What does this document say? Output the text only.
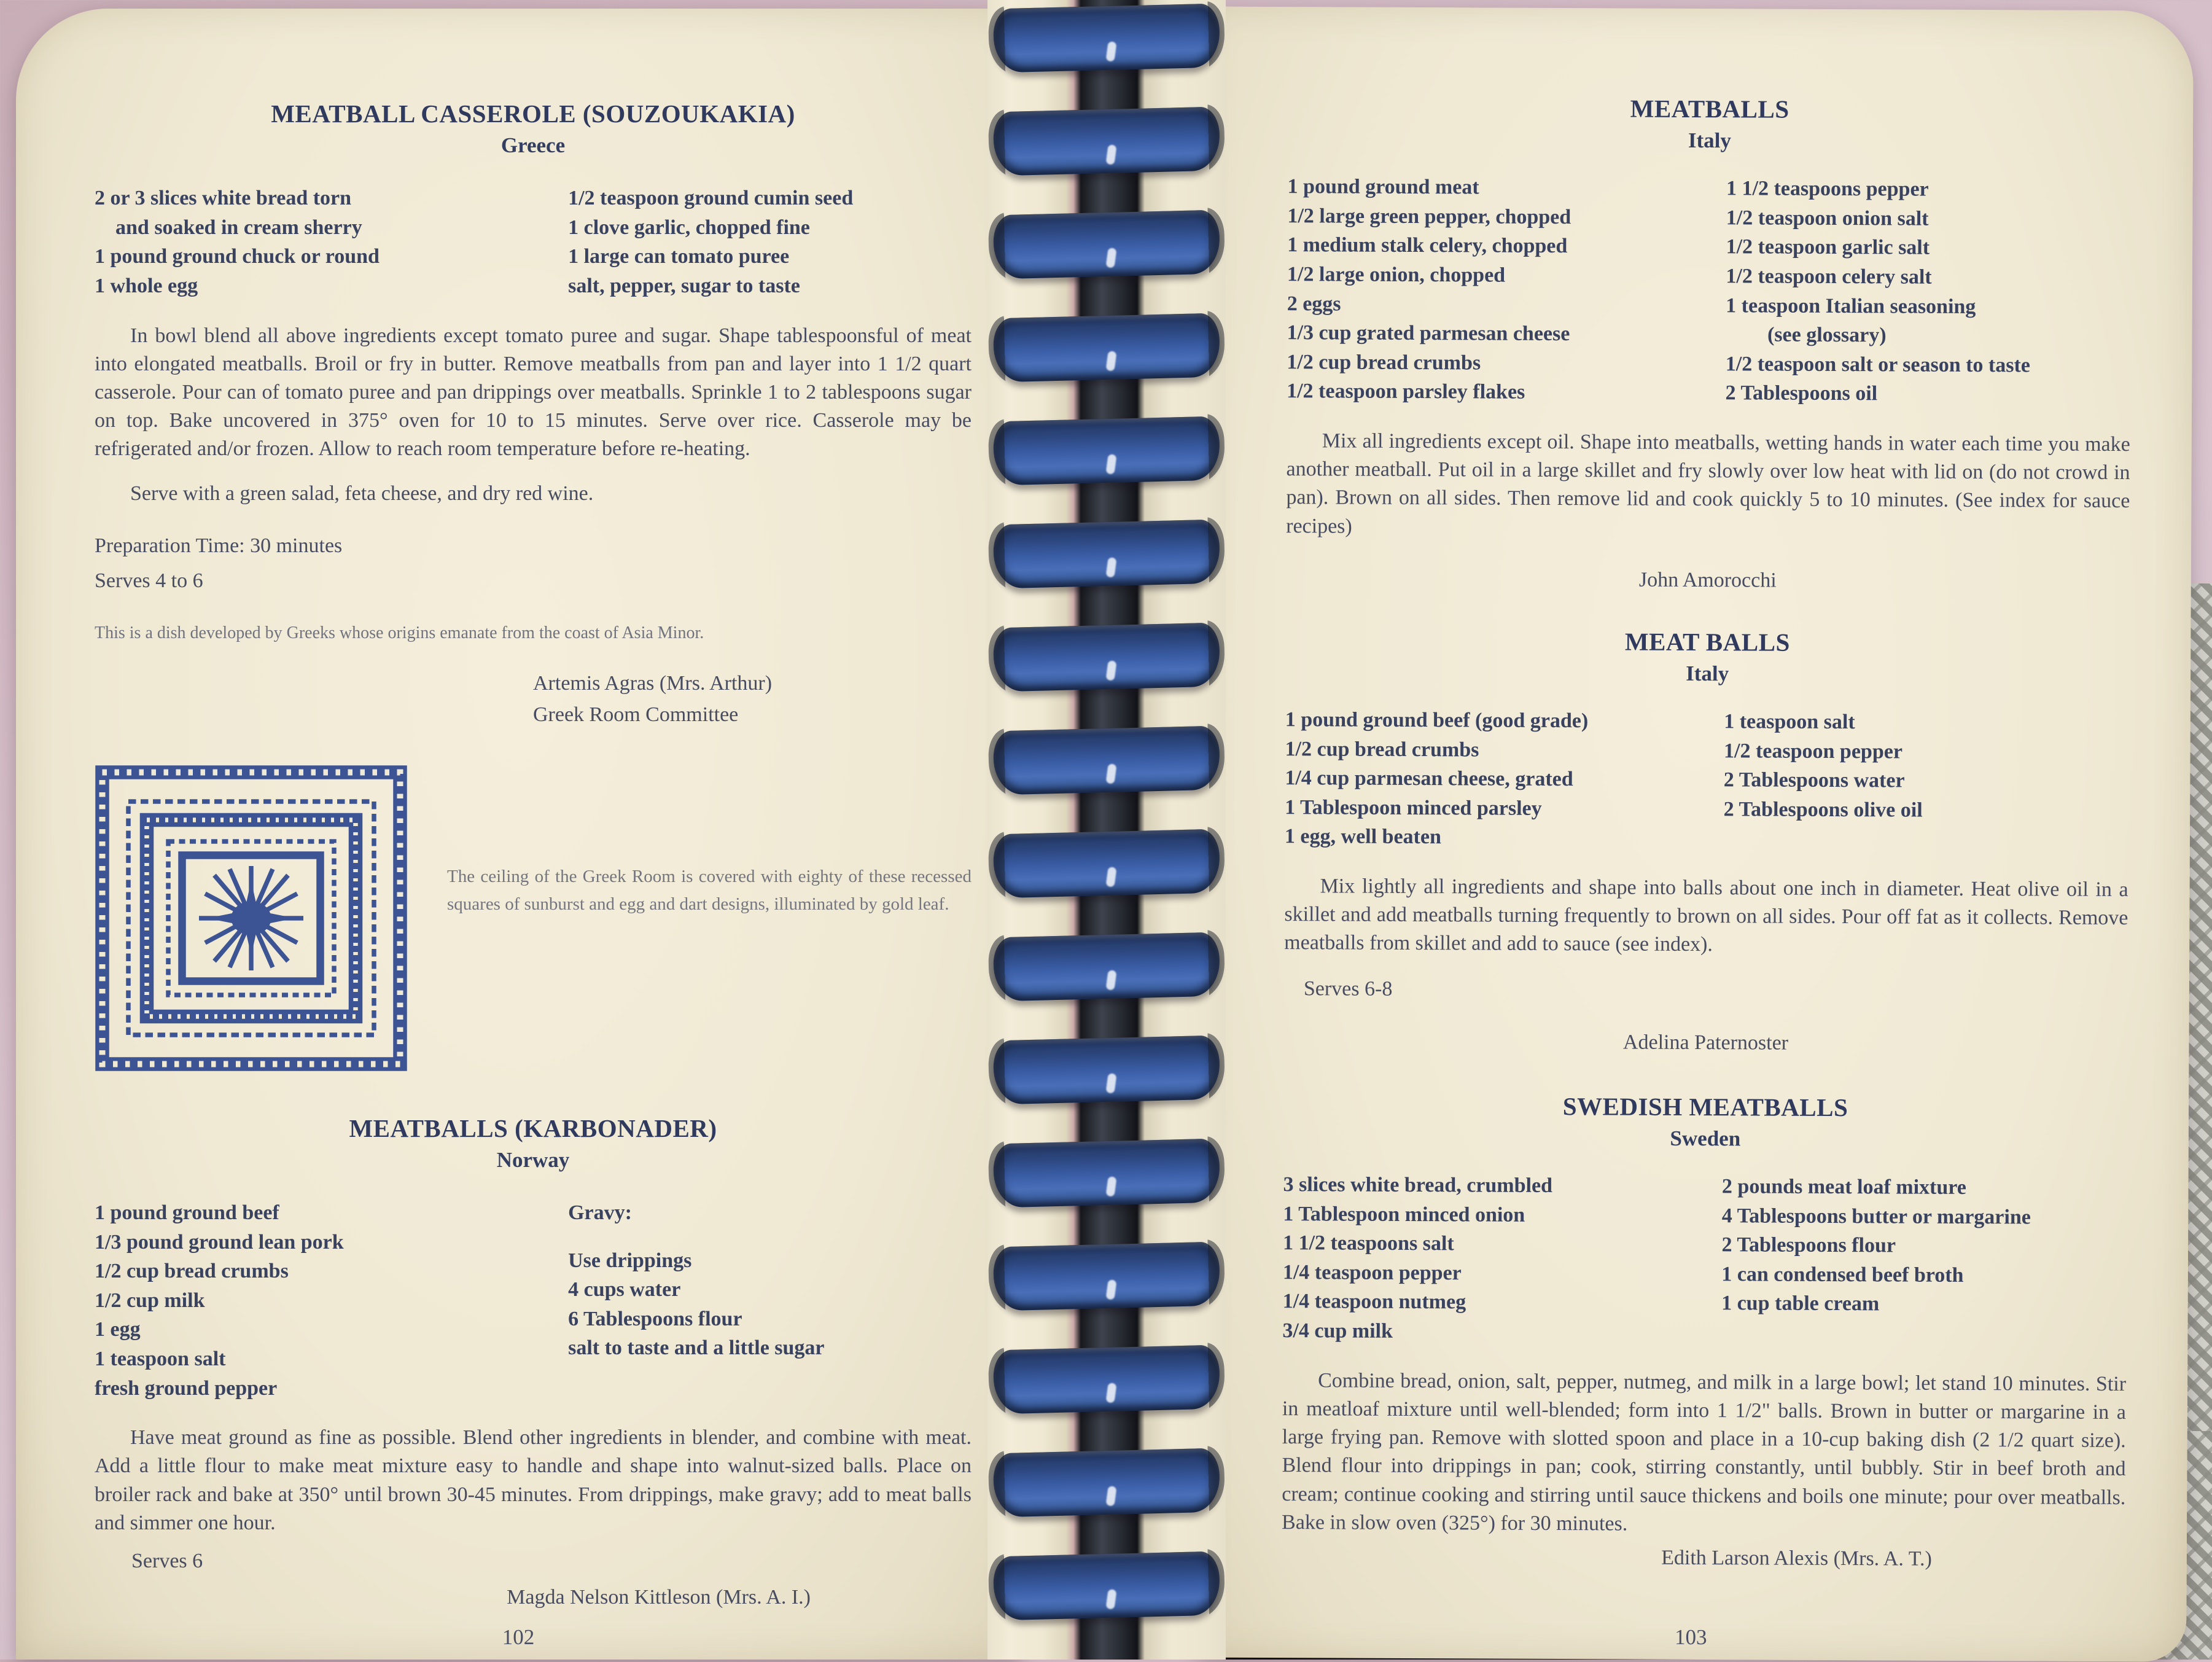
MEATBALL CASSEROLE (SOUZOUKAKIA)
Greece
2 or 3 slices white bread torn
 and soaked in cream sherry
1 pound ground chuck or round
1 whole egg
1/2 teaspoon ground cumin seed
1 clove garlic, chopped fine
1 large can tomato puree
salt, pepper, sugar to taste
In bowl blend all above ingredients except tomato puree and sugar. Shape tablespoonsful of meat into elongated meatballs. Broil or fry in butter. Remove meatballs from pan and layer into 1 1/2 quart casserole. Pour can of tomato puree and pan drippings over meatballs. Sprinkle 1 to 2 tablespoons sugar on top. Bake uncovered in 375° oven for 10 to 15 minutes. Serve over rice. Casserole may be refrigerated and/or frozen. Allow to reach room temperature before re-heating.
Serve with a green salad, feta cheese, and dry red wine.
Preparation Time: 30 minutes
Serves 4 to 6
This is a dish developed by Greeks whose origins emanate from the coast of Asia Minor.
Artemis Agras (Mrs. Arthur)
Greek Room Committee
The ceiling of the Greek Room is covered with eighty of these recessed squares of sunburst and egg and dart designs, illuminated by gold leaf.
MEATBALLS (KARBONADER)
Norway
1 pound ground beef
1/3 pound ground lean pork
1/2 cup bread crumbs
1/2 cup milk
1 egg
1 teaspoon salt
fresh ground pepper
Gravy:
Use drippings
4 cups water
6 Tablespoons flour
salt to taste and a little sugar
Have meat ground as fine as possible. Blend other ingredients in blender, and combine with meat. Add a little flour to make meat mixture easy to handle and shape into walnut-sized balls. Place on broiler rack and bake at 350° until brown 30-45 minutes. From drippings, make gravy; add to meat balls and simmer one hour.
Serves 6
Magda Nelson Kittleson (Mrs. A. I.)
102
MEATBALLS
Italy
1 pound ground meat
1/2 large green pepper, chopped
1 medium stalk celery, chopped
1/2 large onion, chopped
2 eggs
1/3 cup grated parmesan cheese
1/2 cup bread crumbs
1/2 teaspoon parsley flakes
1 1/2 teaspoons pepper
1/2 teaspoon onion salt
1/2 teaspoon garlic salt
1/2 teaspoon celery salt
1 teaspoon Italian seasoning
  (see glossary)
1/2 teaspoon salt or season to taste
2 Tablespoons oil
Mix all ingredients except oil. Shape into meatballs, wetting hands in water each time you make another meatball. Put oil in a large skillet and fry slowly over low heat with lid on (do not crowd in pan). Brown on all sides. Then remove lid and cook quickly 5 to 10 minutes. (See index for sauce recipes)
John Amorocchi
MEAT BALLS
Italy
1 pound ground beef (good grade)
1/2 cup bread crumbs
1/4 cup parmesan cheese, grated
1 Tablespoon minced parsley
1 egg, well beaten
1 teaspoon salt
1/2 teaspoon pepper
2 Tablespoons water
2 Tablespoons olive oil
Mix lightly all ingredients and shape into balls about one inch in diameter. Heat olive oil in a skillet and add meatballs turning frequently to brown on all sides. Pour off fat as it collects. Remove meatballs from skillet and add to sauce (see index).
Serves 6-8
Adelina Paternoster
SWEDISH MEATBALLS
Sweden
3 slices white bread, crumbled
1 Tablespoon minced onion
1 1/2 teaspoons salt
1/4 teaspoon pepper
1/4 teaspoon nutmeg
3/4 cup milk
2 pounds meat loaf mixture
4 Tablespoons butter or margarine
2 Tablespoons flour
1 can condensed beef broth
1 cup table cream
Combine bread, onion, salt, pepper, nutmeg, and milk in a large bowl; let stand 10 minutes. Stir in meatloaf mixture until well-blended; form into 1 1/2" balls. Brown in butter or margarine in a large frying pan. Remove with slotted spoon and place in a 10-cup baking dish (2 1/2 quart size). Blend flour into drippings in pan; cook, stirring constantly, until bubbly. Stir in beef broth and cream; continue cooking and stirring until sauce thickens and boils one minute; pour over meatballs. Bake in slow oven (325°) for 30 minutes.
Edith Larson Alexis (Mrs. A. T.)
103
